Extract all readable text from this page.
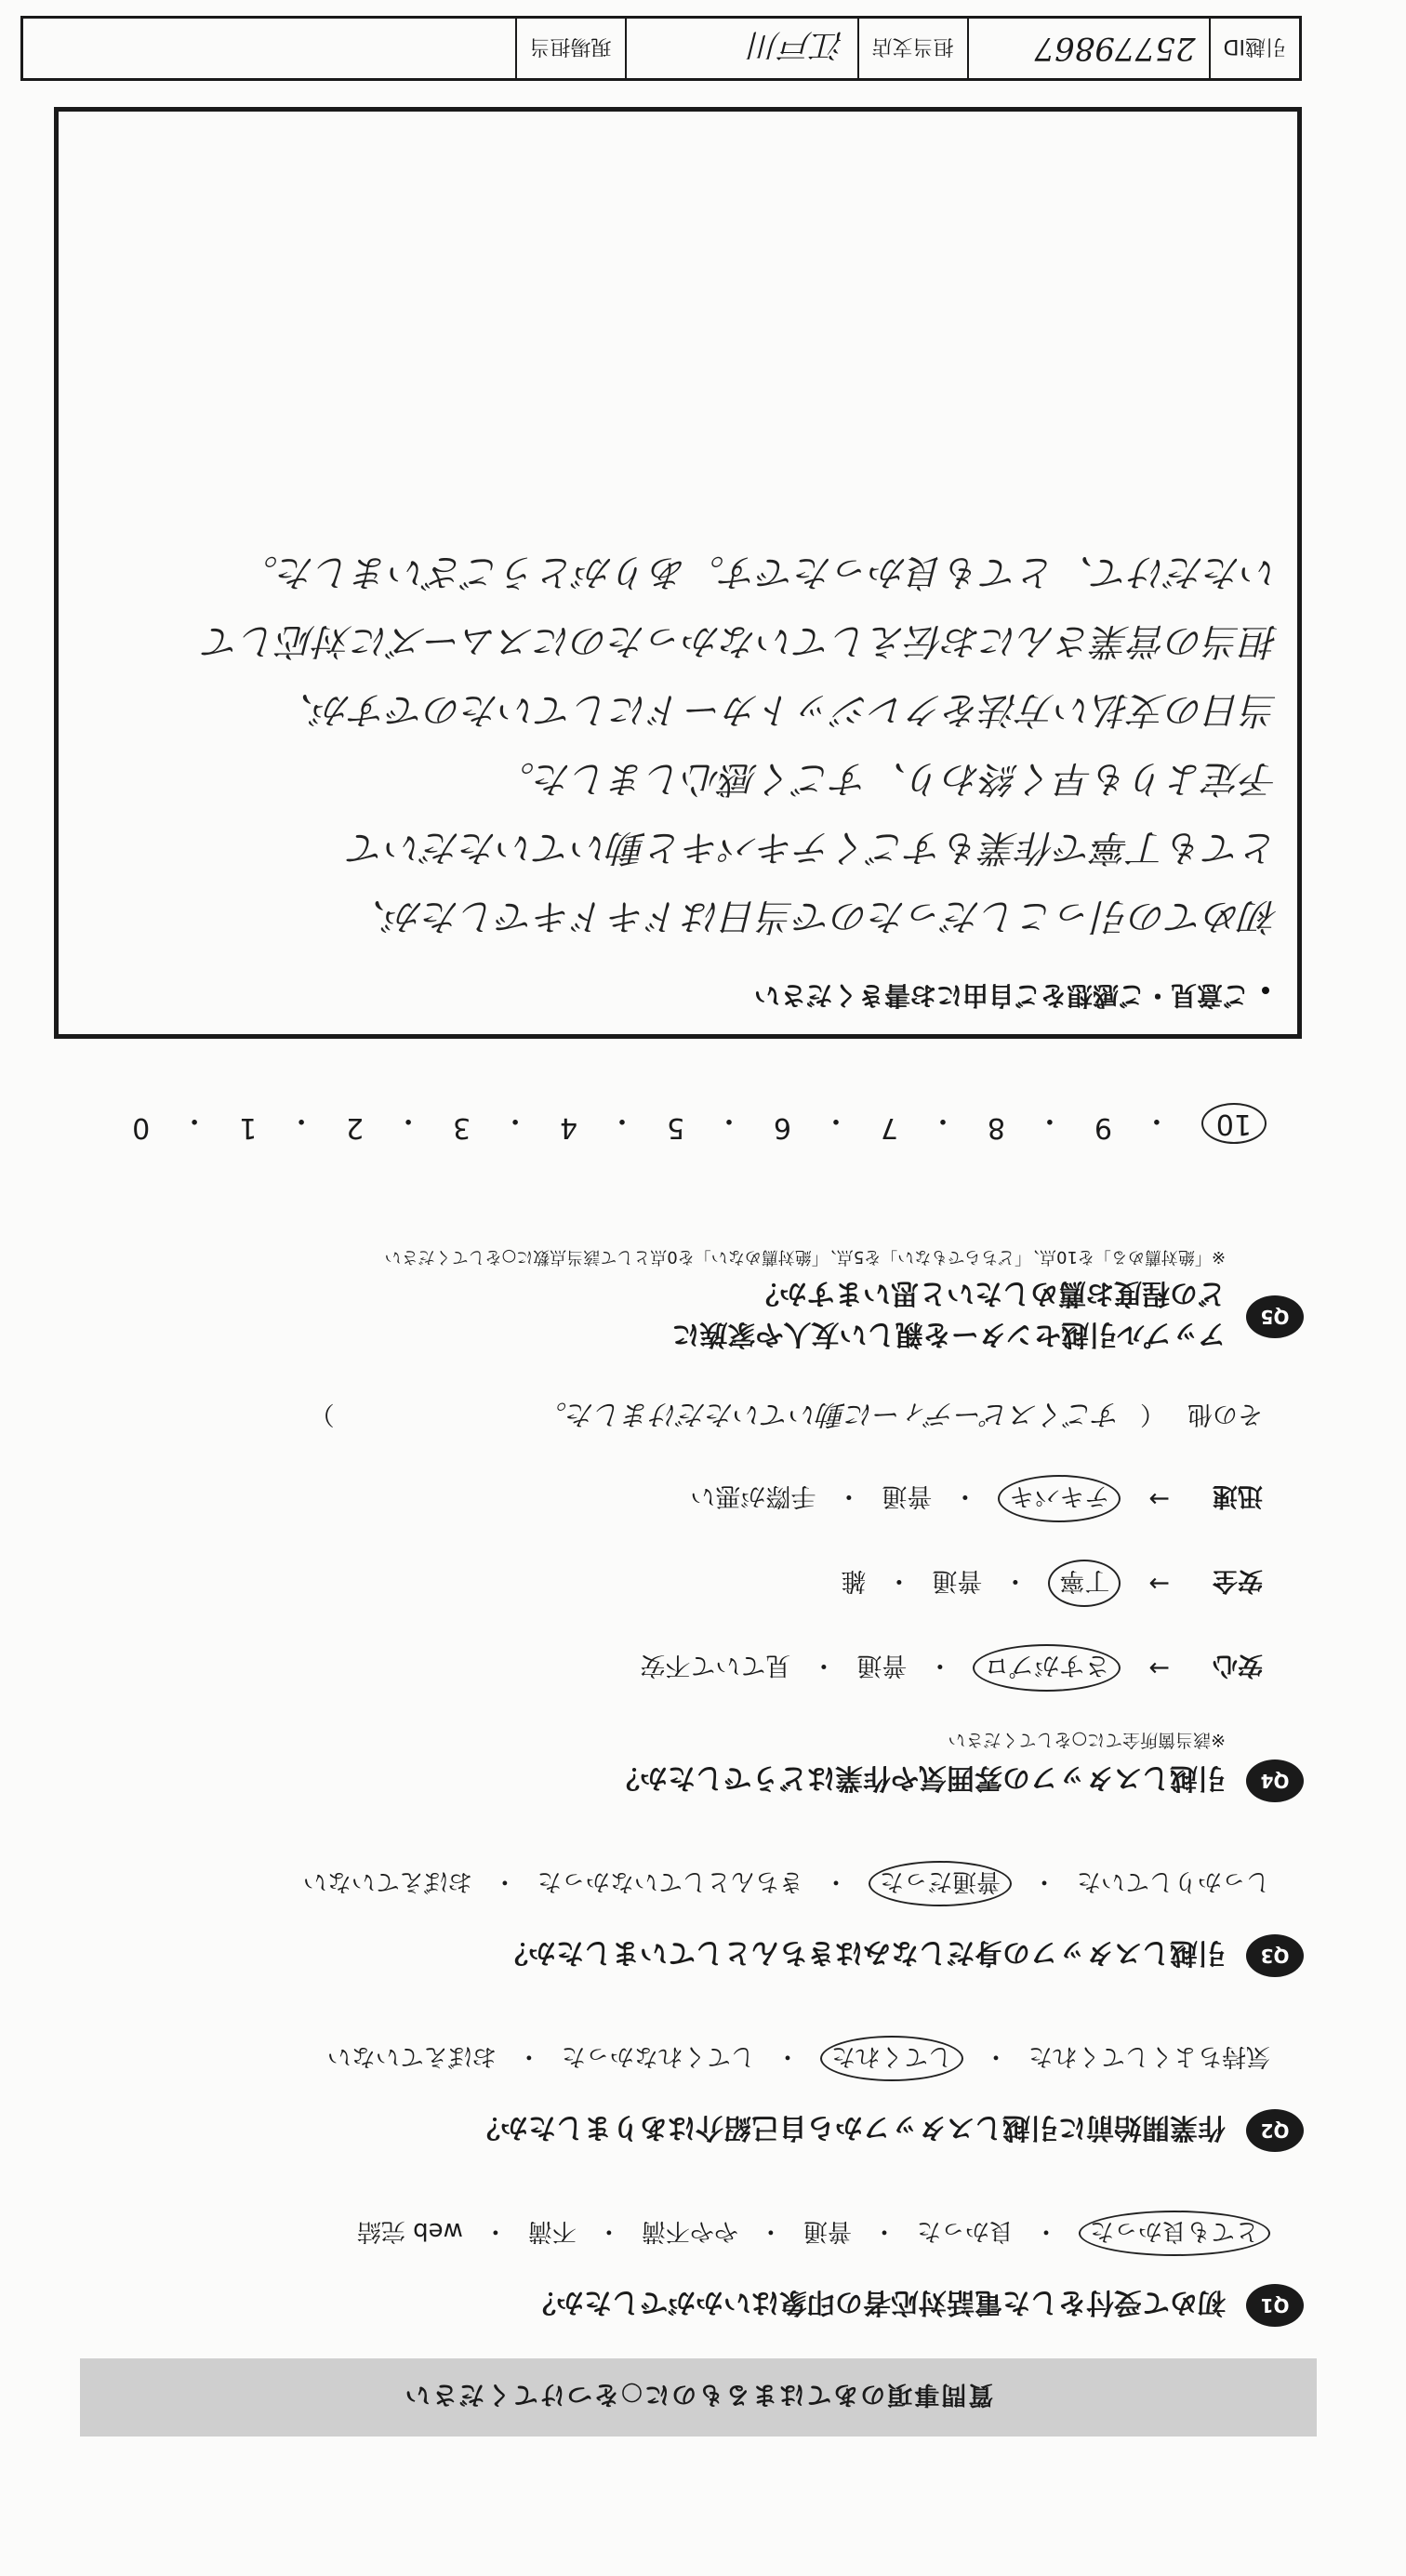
質問事項のあてはまるものに○をつけてください
Q1
初めて受付をした電話対応者の印象はいかがでしたか？
とても良かった
・
良かった
・
普通
・
やや不満
・
不満
・
web 完結
Q2
作業開始前に引越しスタッフから自己紹介はありましたか？
気持ちよくしてくれた
・
してくれた
・
してくれなかった
・
おぼえていない
Q3
引越しスタッフの身だしなみはきちんとしていましたか？
しっかりしていた
・
普通だった
・
きちんとしていなかった
・
おぼえていない
Q4
引越しスタッフの雰囲気や作業はどうでしたか？
※該当箇所全てに○をしてください
安心
→
さすがプロ
・
普通
・
見ていて不安
安全
→
丁寧
・
普通
・
雑
迅速
→
テキパキ
・
普通
・
手際が悪い
その他
（
すごくスピーディーに動いていただけました。
）
Q5
アップル引越センターを親しい友人や家族に
どの程度お薦めしたいと思いますか？
※「絶対薦める」を10点、「どちらでもない」を5点、「絶対薦めない」を0点として該当点数に○をしてください
10
・
9
・
8
・
7
・
6
・
5
・
4
・
3
・
2
・
1
・
0
ご意見・ご感想をご自由にお書きください
初めての引っこしだったので当日はドキドキでしたが、
とても丁寧で作業もすごくテキパキと動いていただいて
予定よりも早く終わり、すごく感心しました。
当日の支払い方法をクレジットカードにしていたのですが、
担当の営業さんにお伝えしていなかったのにスムーズに対応して
いただけて、とても良かったです。ありがとうございました。
引越ID
25779867
担当支店
江戸川
現場担当
